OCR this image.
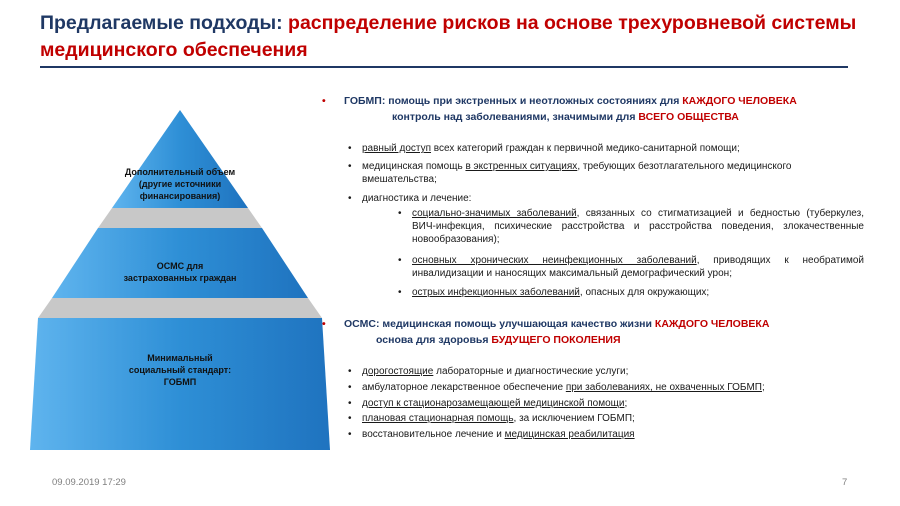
Предлагаемые подходы: распределение рисков на основе трехуровневой системы медицинского обеспечения
Дополнительный объем (другие источники финансирования)
ОСМС для застрахованных граждан
Минимальный социальный стандарт: ГОБМП
• ГОБМП: помощь при экстренных и неотложных состояниях для КАЖДОГО ЧЕЛОВЕКА
контроль над заболеваниями, значимыми для ВСЕГО ОБЩЕСТВА
• равный доступ всех категорий граждан к первичной медико-санитарной помощи;
• медицинская помощь в экстренных ситуациях, требующих безотлагательного медицинского вмешательства;
• диагностика и лечение:
• социально-значимых заболеваний, связанных со стигматизацией и бедностью (туберкулез, ВИЧ-инфекция, психические расстройства и расстройства поведения, злокачественные новообразования);
• основных хронических неинфекционных заболеваний, приводящих к необратимой инвалидизации и наносящих максимальный демографический урон;
• острых инфекционных заболеваний, опасных для окружающих;
• ОСМС: медицинская помощь улучшающая качество жизни КАЖДОГО ЧЕЛОВЕКА
основа для здоровья БУДУЩЕГО ПОКОЛЕНИЯ
• дорогостоящие лабораторные и диагностические услуги;
• амбулаторное лекарственное обеспечение при заболеваниях, не охваченных ГОБМП;
• доступ к стационарозамещающей медицинской помощи;
• плановая стационарная помощь, за исключением ГОБМП;
• восстановительное лечение и медицинская реабилитация
09.09.2019 17:29	7
